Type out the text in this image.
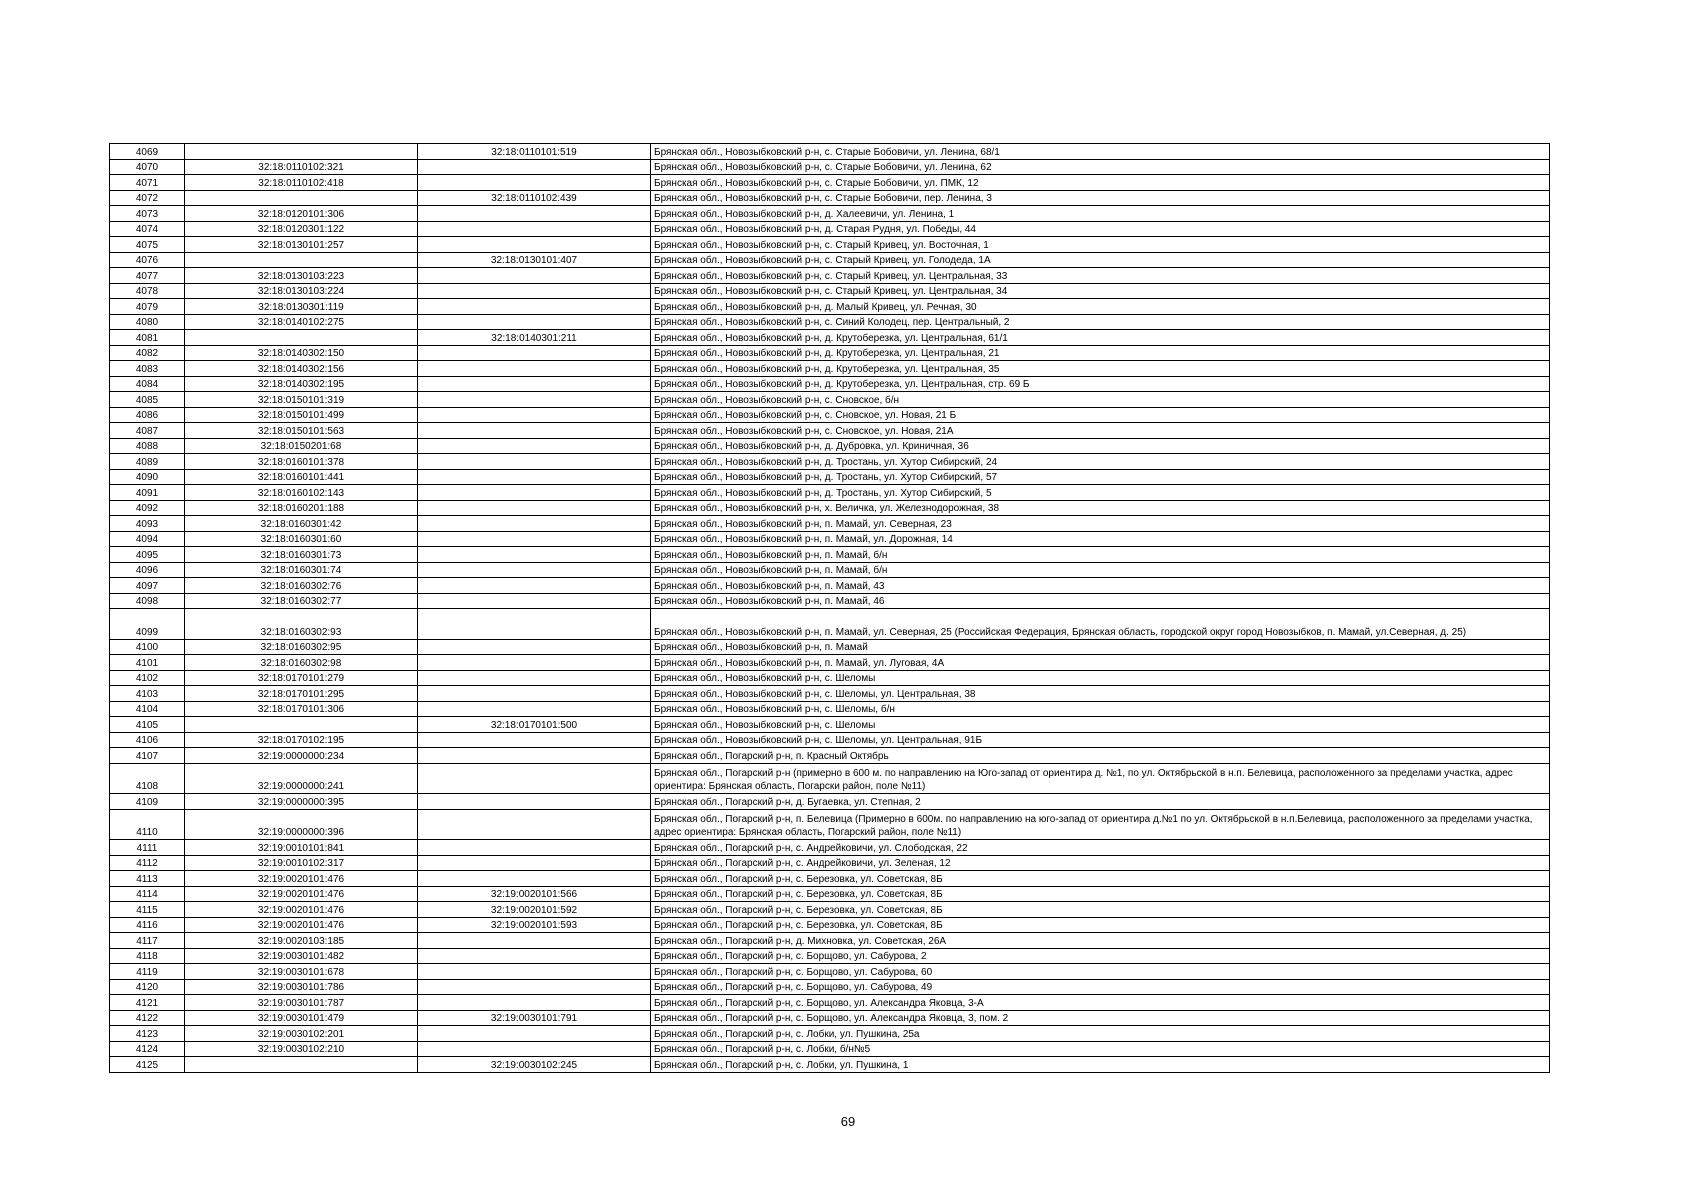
4069		32:18:0110101:519	Брянская обл., Новозыбковский р-н, с. Старые Бобовичи, ул. Ленина, 68/1
4070	32:18:0110102:321		Брянская обл., Новозыбковский р-н, с. Старые Бобовичи, ул. Ленина, 62
4071	32:18:0110102:418		Брянская обл., Новозыбковский р-н, с. Старые Бобовичи, ул. ПМК, 12
4072		32:18:0110102:439	Брянская обл., Новозыбковский р-н, с. Старые Бобовичи, пер. Ленина, 3
4073	32:18:0120101:306		Брянская обл., Новозыбковский р-н, д. Халеевичи, ул. Ленина, 1
4074	32:18:0120301:122		Брянская обл., Новозыбковский р-н, д. Старая Рудня, ул. Победы, 44
4075	32:18:0130101:257		Брянская обл., Новозыбковский р-н, с. Старый Кривец, ул. Восточная, 1
4076		32:18:0130101:407	Брянская обл., Новозыбковский р-н, с. Старый Кривец, ул. Голодеда, 1А
4077	32:18:0130103:223		Брянская обл., Новозыбковский р-н, с. Старый Кривец, ул. Центральная, 33
4078	32:18:0130103:224		Брянская обл., Новозыбковский р-н, с. Старый Кривец, ул. Центральная, 34
4079	32:18:0130301:119		Брянская обл., Новозыбковский р-н, д. Малый Кривец, ул. Речная, 30
4080	32:18:0140102:275		Брянская обл., Новозыбковский р-н, с. Синий Колодец, пер. Центральный, 2
4081		32:18:0140301:211	Брянская обл., Новозыбковский р-н, д. Крутоберезка, ул. Центральная, 61/1
4082	32:18:0140302:150		Брянская обл., Новозыбковский р-н, д. Крутоберезка, ул. Центральная, 21
4083	32:18:0140302:156		Брянская обл., Новозыбковский р-н, д. Крутоберезка, ул. Центральная, 35
4084	32:18:0140302:195		Брянская обл., Новозыбковский р-н, д. Крутоберезка, ул. Центральная, стр. 69 Б
4085	32:18:0150101:319		Брянская обл., Новозыбковский р-н, с. Сновское, б/н
4086	32:18:0150101:499		Брянская обл., Новозыбковский р-н, с. Сновское, ул. Новая, 21 Б
4087	32:18:0150101:563		Брянская обл., Новозыбковский р-н, с. Сновское, ул. Новая, 21А
4088	32:18:0150201:68		Брянская обл., Новозыбковский р-н, д. Дубровка, ул. Криничная, 36
4089	32:18:0160101:378		Брянская обл., Новозыбковский р-н, д. Тростань, ул. Хутор Сибирский, 24
4090	32:18:0160101:441		Брянская обл., Новозыбковский р-н, д. Тростань, ул. Хутор Сибирский, 57
4091	32:18:0160102:143		Брянская обл., Новозыбковский р-н, д. Тростань, ул. Хутор Сибирский, 5
4092	32:18:0160201:188		Брянская обл., Новозыбковский р-н, х. Величка, ул. Железнодорожная, 38
4093	32:18:0160301:42		Брянская обл., Новозыбковский р-н, п. Мамай, ул. Северная, 23
4094	32:18:0160301:60		Брянская обл., Новозыбковский р-н, п. Мамай, ул. Дорожная, 14
4095	32:18:0160301:73		Брянская обл., Новозыбковский р-н, п. Мамай, б/н
4096	32:18:0160301:74		Брянская обл., Новозыбковский р-н, п. Мамай, б/н
4097	32:18:0160302:76		Брянская обл., Новозыбковский р-н, п. Мамай, 43
4098	32:18:0160302:77		Брянская обл., Новозыбковский р-н, п. Мамай, 46
4099	32:18:0160302:93		Брянская обл., Новозыбковский р-н, п. Мамай, ул. Северная, 25 (Российская Федерация, Брянская область, городской округ город Новозыбков, п. Мамай, ул.Северная, д. 25)
4100	32:18:0160302:95		Брянская обл., Новозыбковский р-н, п. Мамай
4101	32:18:0160302:98		Брянская обл., Новозыбковский р-н, п. Мамай, ул. Луговая, 4А
4102	32:18:0170101:279		Брянская обл., Новозыбковский р-н, с. Шеломы
4103	32:18:0170101:295		Брянская обл., Новозыбковский р-н, с. Шеломы, ул. Центральная, 38
4104	32:18:0170101:306		Брянская обл., Новозыбковский р-н, с. Шеломы, б/н
4105		32:18:0170101:500	Брянская обл., Новозыбковский р-н, с. Шеломы
4106	32:18:0170102:195		Брянская обл., Новозыбковский р-н, с. Шеломы, ул. Центральная, 91Б
4107	32:19:0000000:234		Брянская обл., Погарский р-н, п. Красный Октябрь
4108	32:19:0000000:241		Брянская обл., Погарский р-н (примерно в 600 м. по направлению на Юго-запад от ориентира д. №1, по ул. Октябрьской в н.п. Белевица, расположенного за пределами участка, адрес ориентира: Брянская область, Погарски район, поле №11)
4109	32:19:0000000:395		Брянская обл., Погарский р-н, д. Бугаевка, ул. Степная, 2
4110	32:19:0000000:396		Брянская обл., Погарский р-н, п. Белевица (Примерно в 600м. по направлению на юго-запад от ориентира д.№1 по ул. Октябрьской в н.п.Белевица, расположенного за пределами участка, адрес ориентира: Брянская область, Погарский район, поле №11)
4111	32:19:0010101:841		Брянская обл., Погарский р-н, с. Андрейковичи, ул. Слободская, 22
4112	32:19:0010102:317		Брянская обл., Погарский р-н, с. Андрейковичи, ул. Зеленая, 12
4113	32:19:0020101:476		Брянская обл., Погарский р-н, с. Березовка, ул. Советская, 8Б
4114	32:19:0020101:476	32:19:0020101:566	Брянская обл., Погарский р-н, с. Березовка, ул. Советская, 8Б
4115	32:19:0020101:476	32:19:0020101:592	Брянская обл., Погарский р-н, с. Березовка, ул. Советская, 8Б
4116	32:19:0020101:476	32:19:0020101:593	Брянская обл., Погарский р-н, с. Березовка, ул. Советская, 8Б
4117	32:19:0020103:185		Брянская обл., Погарский р-н, д. Михновка, ул. Советская, 26А
4118	32:19:0030101:482		Брянская обл., Погарский р-н, с. Борщово, ул. Сабурова, 2
4119	32:19:0030101:678		Брянская обл., Погарский р-н, с. Борщово, ул. Сабурова, 60
4120	32:19:0030101:786		Брянская обл., Погарский р-н, с. Борщово, ул. Сабурова, 49
4121	32:19:0030101:787		Брянская обл., Погарский р-н, с. Борщово, ул. Александра Яковца, 3-А
4122	32:19:0030101:479	32:19:0030101:791	Брянская обл., Погарский р-н, с. Борщово, ул. Александра Яковца, 3, пом. 2
4123	32:19:0030102:201		Брянская обл., Погарский р-н, с. Лобки, ул. Пушкина, 25а
4124	32:19:0030102:210		Брянская обл., Погарский р-н, с. Лобки, б/н№5
4125		32:19:0030102:245	Брянская обл., Погарский р-н, с. Лобки, ул. Пушкина, 1
69
